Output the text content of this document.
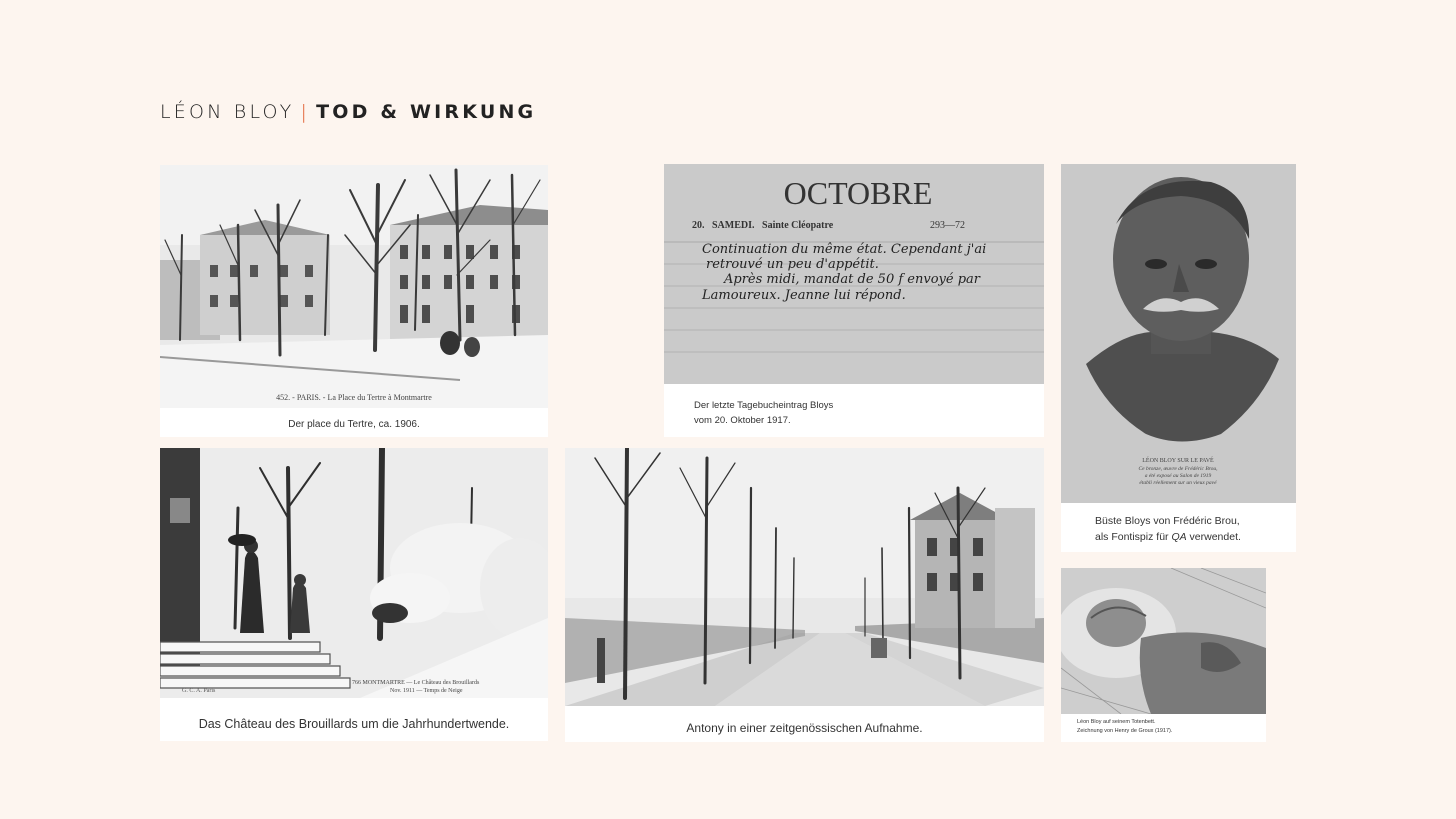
LÉON BLOY | TOD & WIRKUNG
452. - PARIS. - La Place du Tertre à Montmartre
Der place du Tertre, ca. 1906.
OCTOBRE
20.   SAMEDI.   Sainte Cléopatre	293—72
Continuation du même état. Cependant j'ai
retrouvé un peu d'appétit.
Après midi, mandat de 50 f envoyé par
Lamoureux. Jeanne lui répond.
Der letzte Tagebucheintrag Bloys
vom 20. Oktober 1917.
LÉON BLOY SUR LE PAVÉ
Ce bronze, œuvre de Frédéric Brou,
a été exposé au Salon de 1919
établi réellement sur un vieux pavé
Büste Bloys von Frédéric Brou,
als Fontispiz für QA verwendet.
G. C. A. Paris
766 MONTMARTRE — Le Château des Brouillards
Nov. 1911 — Temps de Neige
Das Château des Brouillards um die Jahrhundertwende.	Antony in einer zeitgenössischen Aufnahme.	Léon Bloy auf seinem Totenbett.
Zeichnung von Henry de Groux (1917).
